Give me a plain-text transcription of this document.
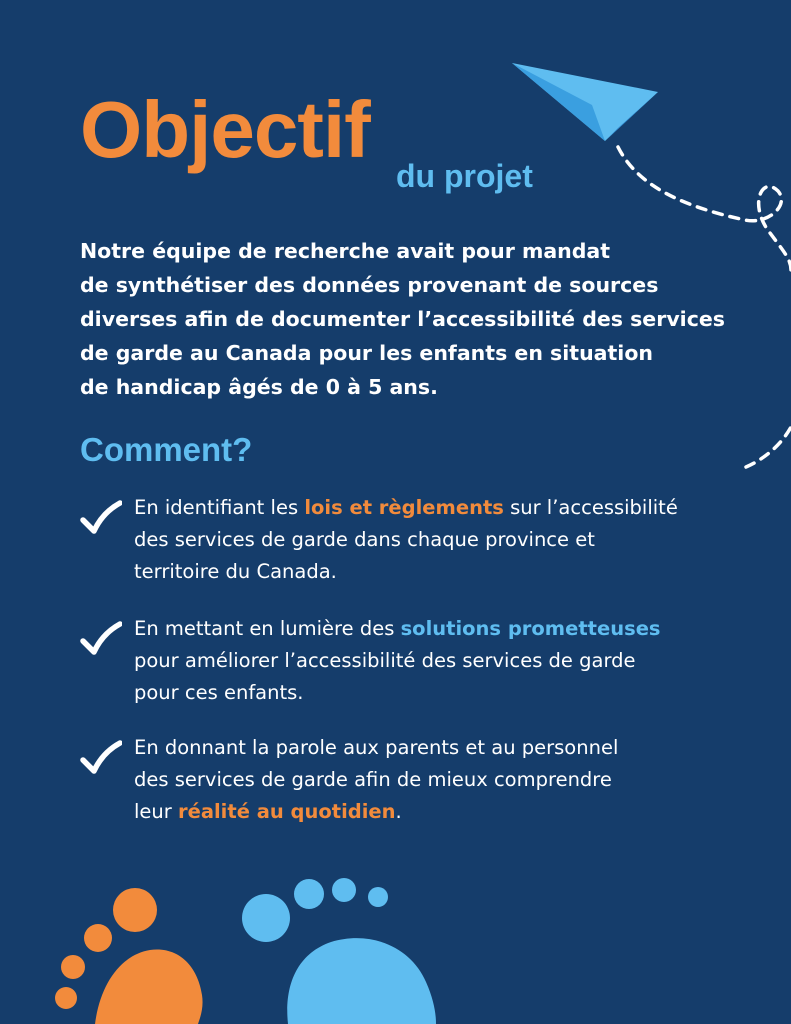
Objectif
du projet

Notre équipe de recherche avait pour mandat
de synthétiser des données provenant de sources
diverses afin de documenter l’accessibilité des services
de garde au Canada pour les enfants en situation
de handicap âgés de 0 à 5 ans.

Comment?
En identifiant les lois et règlements sur l’accessibilité
des services de garde dans chaque province et
territoire du Canada.
En mettant en lumière des solutions prometteuses
pour améliorer l’accessibilité des services de garde
pour ces enfants.
En donnant la parole aux parents et au personnel
des services de garde afin de mieux comprendre
leur réalité au quotidien.
